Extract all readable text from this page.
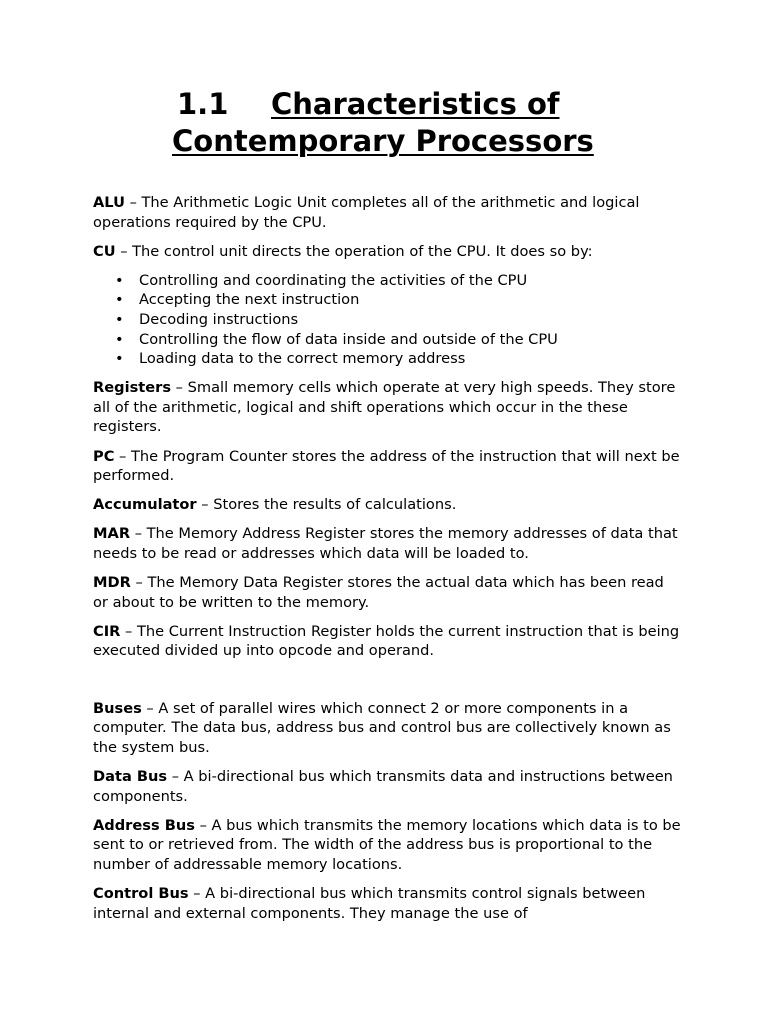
1.1 Characteristics of
Contemporary Processors

ALU – The Arithmetic Logic Unit completes all of the arithmetic and logical operations required by the CPU.

CU – The control unit directs the operation of the CPU. It does so by:

• Controlling and coordinating the activities of the CPU
• Accepting the next instruction
• Decoding instructions
• Controlling the flow of data inside and outside of the CPU
• Loading data to the correct memory address

Registers – Small memory cells which operate at very high speeds. They store all of the arithmetic, logical and shift operations which occur in the these registers.

PC – The Program Counter stores the address of the instruction that will next be performed.

Accumulator – Stores the results of calculations.

MAR – The Memory Address Register stores the memory addresses of data that needs to be read or addresses which data will be loaded to.

MDR – The Memory Data Register stores the actual data which has been read or about to be written to the memory.

CIR – The Current Instruction Register holds the current instruction that is being executed divided up into opcode and operand.

Buses – A set of parallel wires which connect 2 or more components in a computer. The data bus, address bus and control bus are collectively known as the system bus.

Data Bus – A bi-directional bus which transmits data and instructions between components.

Address Bus – A bus which transmits the memory locations which data is to be sent to or retrieved from. The width of the address bus is proportional to the number of addressable memory locations.

Control Bus – A bi-directional bus which transmits control signals between internal and external components. They manage the use of
